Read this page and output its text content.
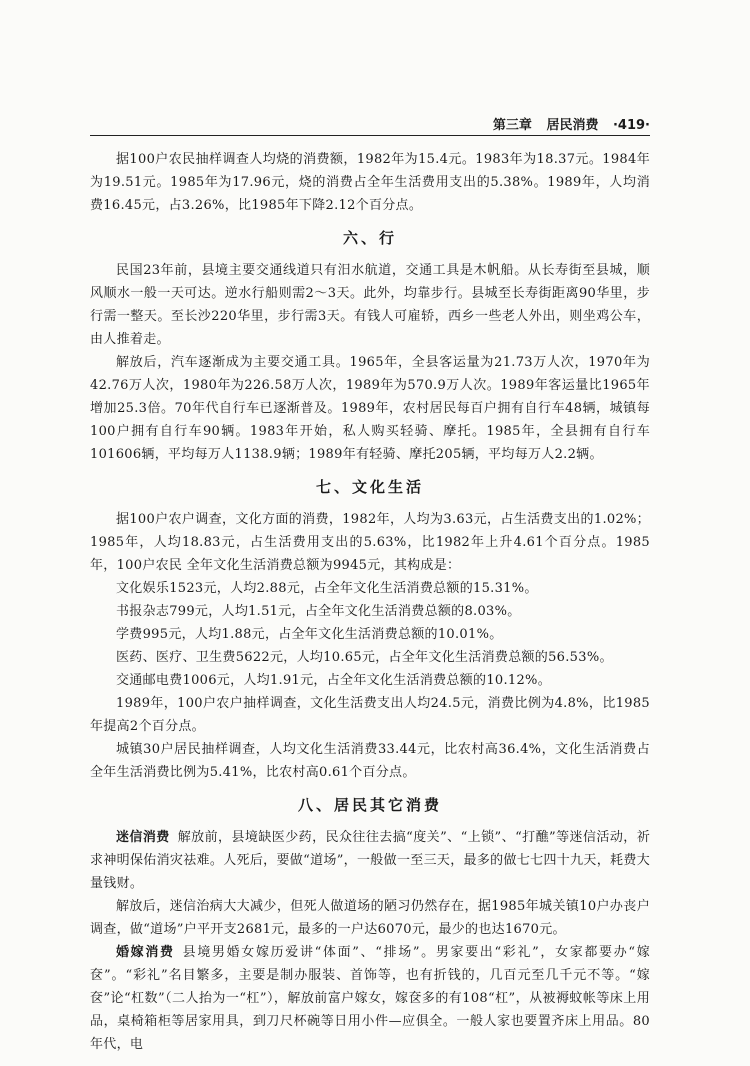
第三章 居民消费 ·419·

据100户农民抽样调查人均烧的消费额，1982年为15.4元。1983年为18.37元。1984年为19.51元。1985年为17.96元，烧的消费占全年生活费用支出的5.38%。1989年，人均消费16.45元，占3.26%，比1985年下降2.12个百分点。

六、行

民国23年前，县境主要交通线道只有汨水航道，交通工具是木帆船。从长寿街至县城，顺风顺水一般一天可达。逆水行船则需2～3天。此外，均靠步行。县城至长寿街距离90华里，步行需一整天。至长沙220华里，步行需3天。有钱人可雇轿，西乡一些老人外出，则坐鸡公车，由人推着走。

解放后，汽车逐渐成为主要交通工具。1965年，全县客运量为21.73万人次，1970年为42.76万人次，1980年为226.58万人次，1989年为570.9万人次。1989年客运量比1965年增加25.3倍。70年代自行车已逐渐普及。1989年，农村居民每百户拥有自行车48辆，城镇每100户拥有自行车90辆。1983年开始，私人购买轻骑、摩托。1985年，全县拥有自行车101606辆，平均每万人1138.9辆；1989年有轻骑、摩托205辆，平均每万人2.2辆。

七、文化生活

据100户农户调查，文化方面的消费，1982年，人均为3.63元，占生活费支出的1.02%；1985年，人均18.83元，占生活费用支出的5.63%，比1982年上升4.61个百分点。1985年，100户农民 全年文化生活消费总额为9945元，其构成是：

文化娱乐1523元，人均2.88元，占全年文化生活消费总额的15.31%。

书报杂志799元，人均1.51元，占全年文化生活消费总额的8.03%。

学费995元，人均1.88元，占全年文化生活消费总额的10.01%。

医药、医疗、卫生费5622元，人均10.65元，占全年文化生活消费总额的56.53%。

交通邮电费1006元，人均1.91元，占全年文化生活消费总额的10.12%。

1989年，100户农户抽样调查，文化生活费支出人均24.5元，消费比例为4.8%，比1985年提高2个百分点。

城镇30户居民抽样调查，人均文化生活消费33.44元，比农村高36.4%，文化生活消费占全年生活消费比例为5.41%，比农村高0.61个百分点。

八、居民其它消费

迷信消费 解放前，县境缺医少药，民众往往去搞“度关”、“上锁”、“打醮”等迷信活动，祈求神明保佑消灾祛难。人死后，要做“道场”，一般做一至三天，最多的做七七四十九天，耗费大量钱财。

解放后，迷信治病大大减少，但死人做道场的陋习仍然存在，据1985年城关镇10户办丧户调查，做“道场”户平开支2681元，最多的一户达6070元，最少的也达1670元。

婚嫁消费 县境男婚女嫁历爱讲“体面”、“排场”。男家要出“彩礼”，女家都要办“嫁奁”。“彩礼”名目繁多，主要是制办服装、首饰等，也有折钱的，几百元至几千元不等。“嫁奁”论“杠数”（二人抬为一“杠”），解放前富户嫁女，嫁奁多的有108“杠”，从被褥蚊帐等床上用品，桌椅箱柜等居家用具，到刀尺杯碗等日用小件—应俱全。一般人家也要置齐床上用品。80年代，电
